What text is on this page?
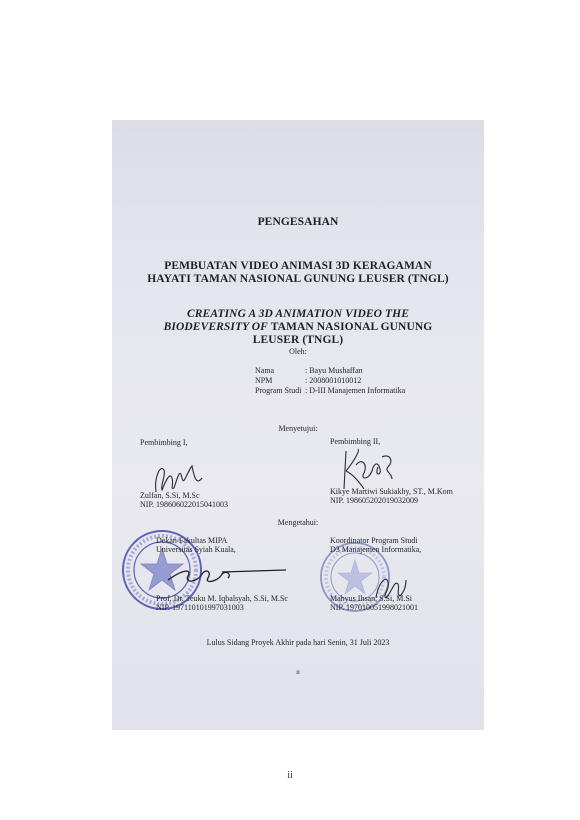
PENGESAHAN
PEMBUATAN VIDEO ANIMASI 3D KERAGAMAN
HAYATI TAMAN NASIONAL GUNUNG LEUSER (TNGL)
CREATING A 3D ANIMATION VIDEO THE
BIODEVERSITY OF TAMAN NASIONAL GUNUNG
LEUSER (TNGL)
Oleh:
Nama	: Bayu Mushaffan
NPM	: 2008001010012
Program Studi : D-III Manajemen Informatika
Menyetujui:
Pembimbing I,	Pembimbing II,
Zulfan, S.Si, M.Sc
NIP. 198606022015041003
Kikye Martiwi Sukiakhy, ST., M.Kom
NIP. 198605202019032009
Mengetahui:
Dekan Fakultas MIPA
Universitas Syiah Kuala,
Koordinator Program Studi
D3 Manajemen Informatika,
Prof. Dr. Teuku M. Iqbalsyah, S.Si, M.Sc
NIP. 197110101997031003
Mahyus Ihsan, S.Si, M.Si
NIP. 197010051998021001
Lulus Sidang Proyek Akhir pada hari Senin, 31 Juli 2023
ii
ii
